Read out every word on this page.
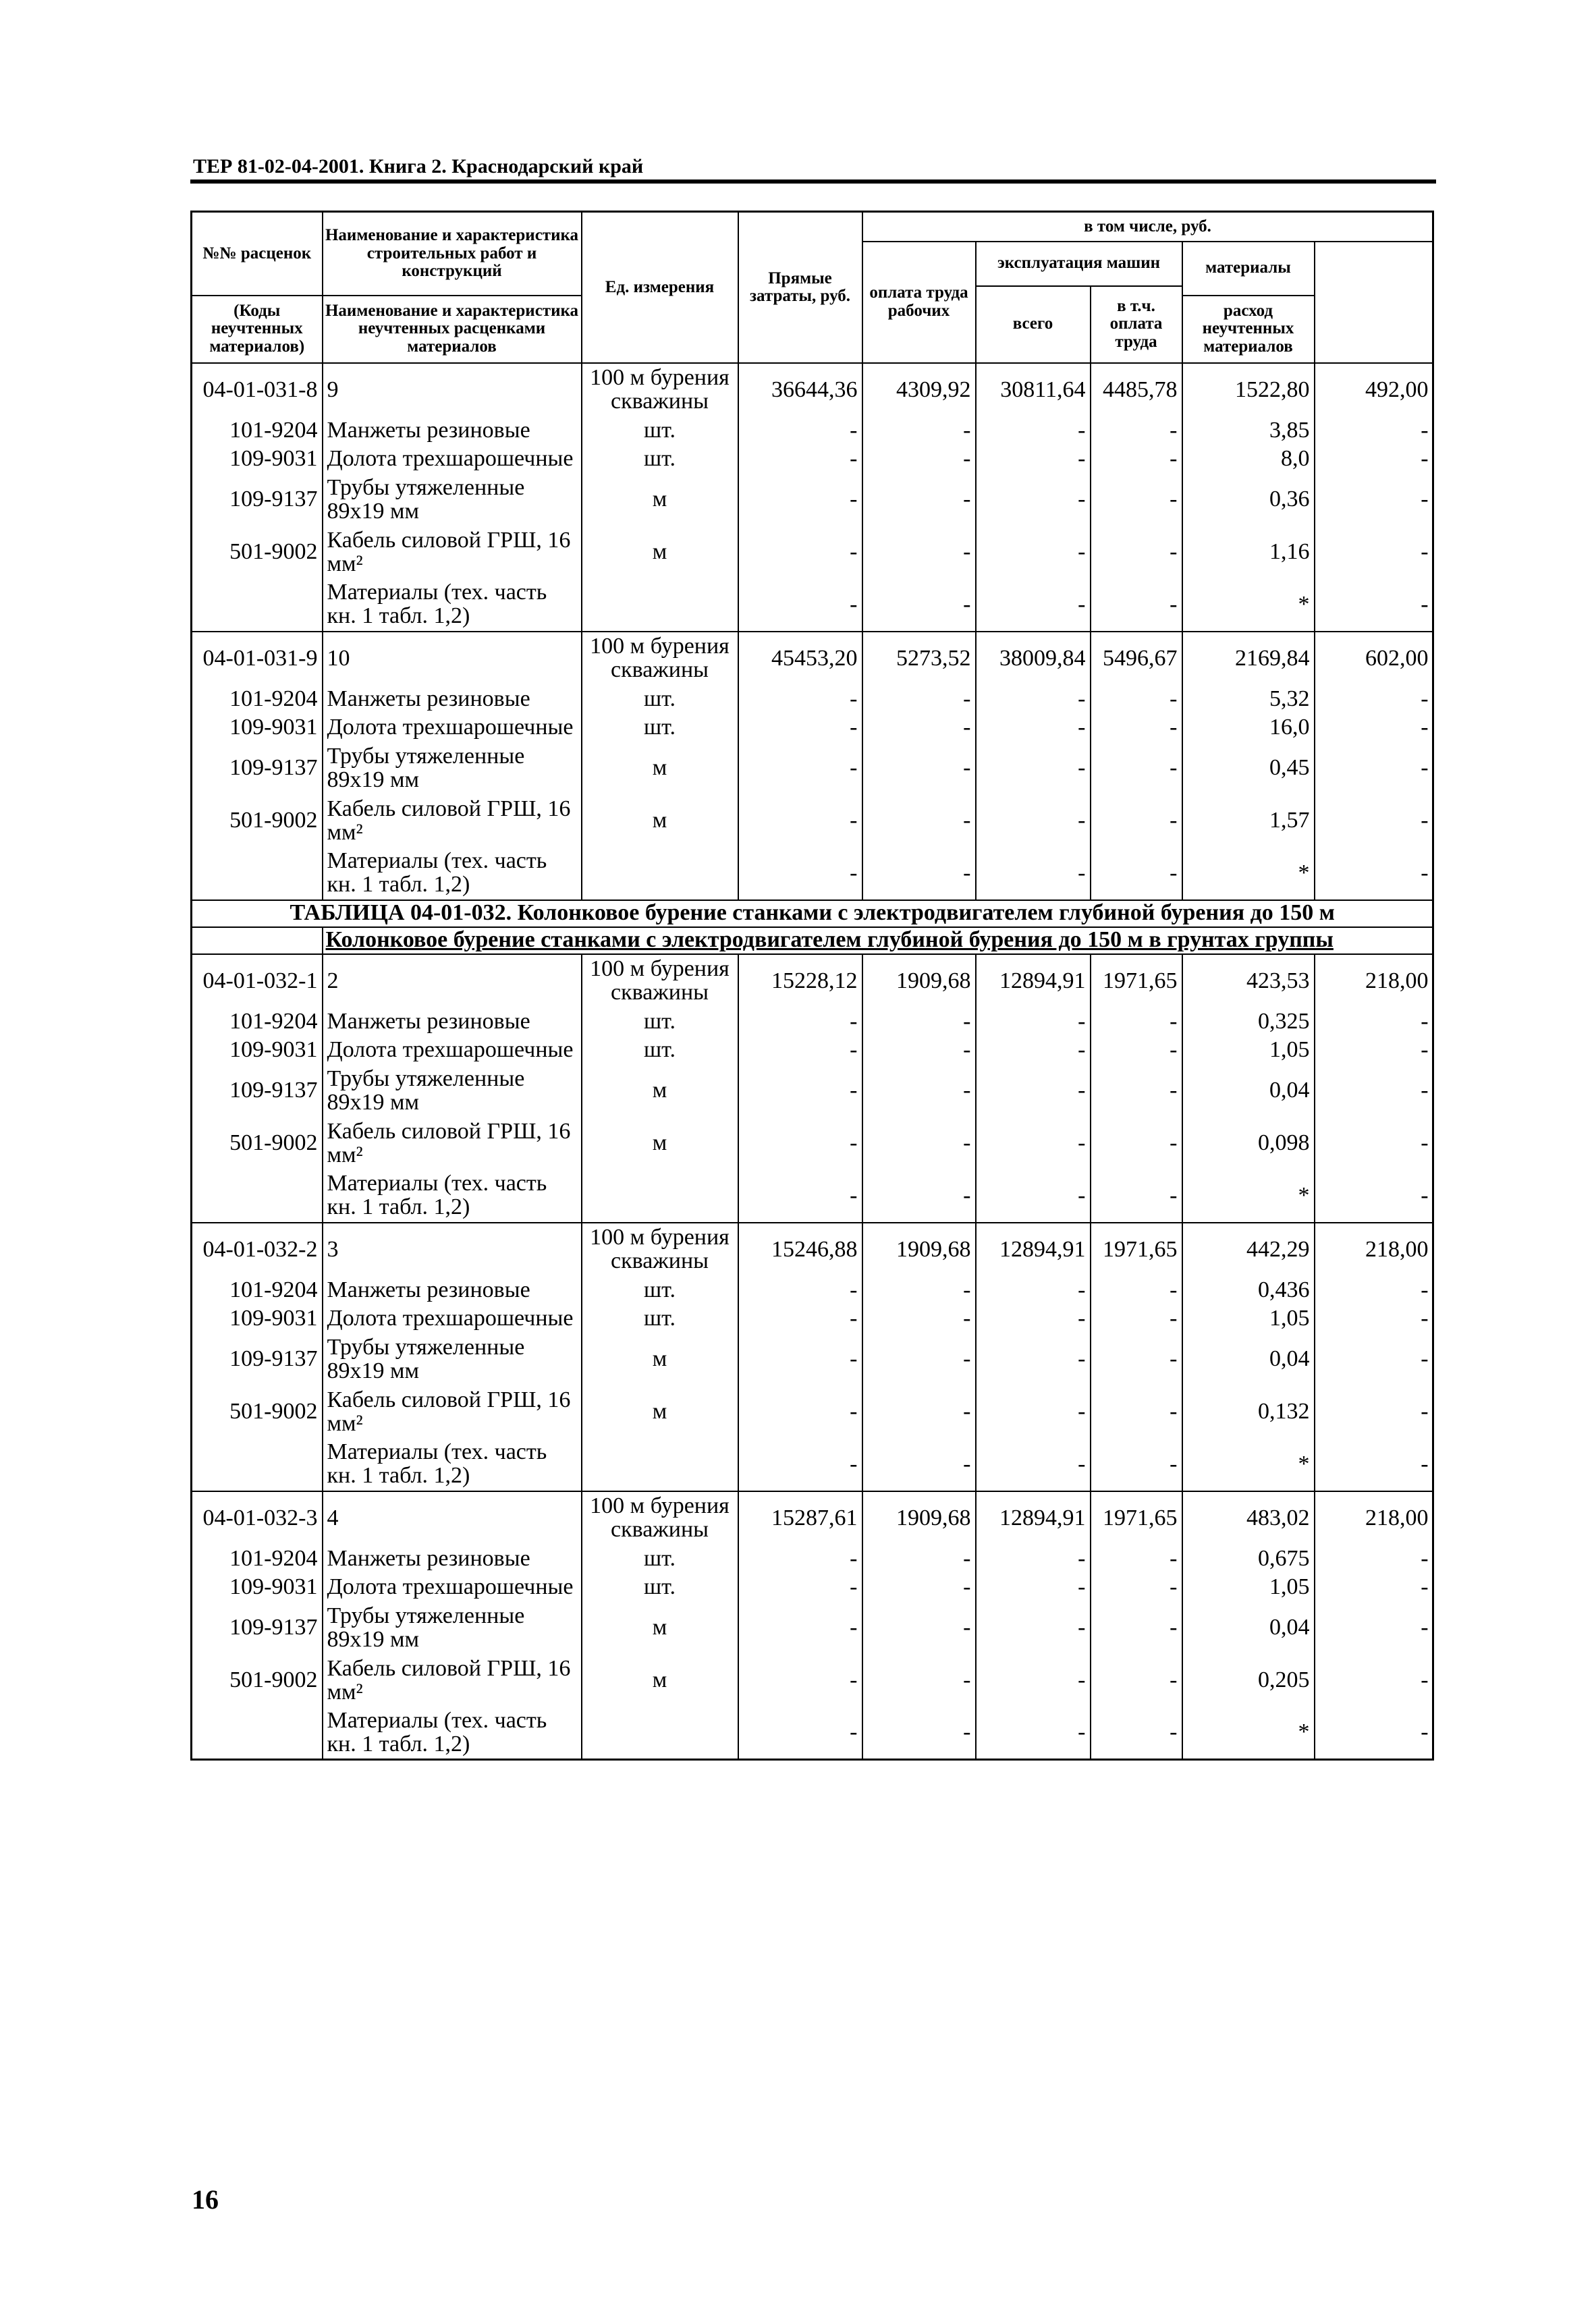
ТЕР 81-02-04-2001. Книга 2. Краснодарский край
№№ расценок	Наименование и характеристика строительных работ и конструкций	Ед. измерения	Прямые затраты, руб.	в том числе, руб.	
				оплата труда рабочих	эксплуатация машин		материалы		
					всего	в т.ч. оплата труда			
(Коды неучтенных материалов)	Наименование и характеристика неучтенных расценками материалов						расход неучтенных материалов		

04-01-031-8	9	100 м бурения скважины	36644,36	4309,92	30811,64	4485,78	1522,80	492,00	
101-9204	Манжеты резиновые	шт.	-	-	-	-	3,85	-	
109-9031	Долота трехшарошечные	шт.	-	-	-	-	8,0	-	
109-9137	Трубы утяжеленные 89х19 мм	м	-	-	-	-	0,36	-	
501-9002	Кабель силовой ГРШ, 16 мм²	м	-	-	-	-	1,16	-	
	Материалы (тех. часть кн. 1 табл. 1,2)		-	-	-	-	*	-	
04-01-031-9	10	100 м бурения скважины	45453,20	5273,52	38009,84	5496,67	2169,84	602,00	
101-9204	Манжеты резиновые	шт.	-	-	-	-	5,32	-	
109-9031	Долота трехшарошечные	шт.	-	-	-	-	16,0	-	
109-9137	Трубы утяжеленные 89х19 мм	м	-	-	-	-	0,45	-	
501-9002	Кабель силовой ГРШ, 16 мм²	м	-	-	-	-	1,57	-	
	Материалы (тех. часть кн. 1 табл. 1,2)		-	-	-	-	*	-	
ТАБЛИЦА 04-01-032. Колонковое бурение станками с электродвигателем глубиной бурения до 150 м									
	Колонковое бурение станками с электродвигателем глубиной бурения до 150 м в грунтах группы								
04-01-032-1	2	100 м бурения скважины	15228,12	1909,68	12894,91	1971,65	423,53	218,00	
101-9204	Манжеты резиновые	шт.	-	-	-	-	0,325	-	
109-9031	Долота трехшарошечные	шт.	-	-	-	-	1,05	-	
109-9137	Трубы утяжеленные 89х19 мм	м	-	-	-	-	0,04	-	
501-9002	Кабель силовой ГРШ, 16 мм²	м	-	-	-	-	0,098	-	
	Материалы (тех. часть кн. 1 табл. 1,2)		-	-	-	-	*	-	
04-01-032-2	3	100 м бурения скважины	15246,88	1909,68	12894,91	1971,65	442,29	218,00	
101-9204	Манжеты резиновые	шт.	-	-	-	-	0,436	-	
109-9031	Долота трехшарошечные	шт.	-	-	-	-	1,05	-	
109-9137	Трубы утяжеленные 89х19 мм	м	-	-	-	-	0,04	-	
501-9002	Кабель силовой ГРШ, 16 мм²	м	-	-	-	-	0,132	-	
	Материалы (тех. часть кн. 1 табл. 1,2)		-	-	-	-	*	-	
04-01-032-3	4	100 м бурения скважины	15287,61	1909,68	12894,91	1971,65	483,02	218,00	
101-9204	Манжеты резиновые	шт.	-	-	-	-	0,675	-	
109-9031	Долота трехшарошечные	шт.	-	-	-	-	1,05	-	
109-9137	Трубы утяжеленные 89х19 мм	м	-	-	-	-	0,04	-	
501-9002	Кабель силовой ГРШ, 16 мм²	м	-	-	-	-	0,205	-	
	Материалы (тех. часть кн. 1 табл. 1,2)		-	-	-	-	*	-	
16
